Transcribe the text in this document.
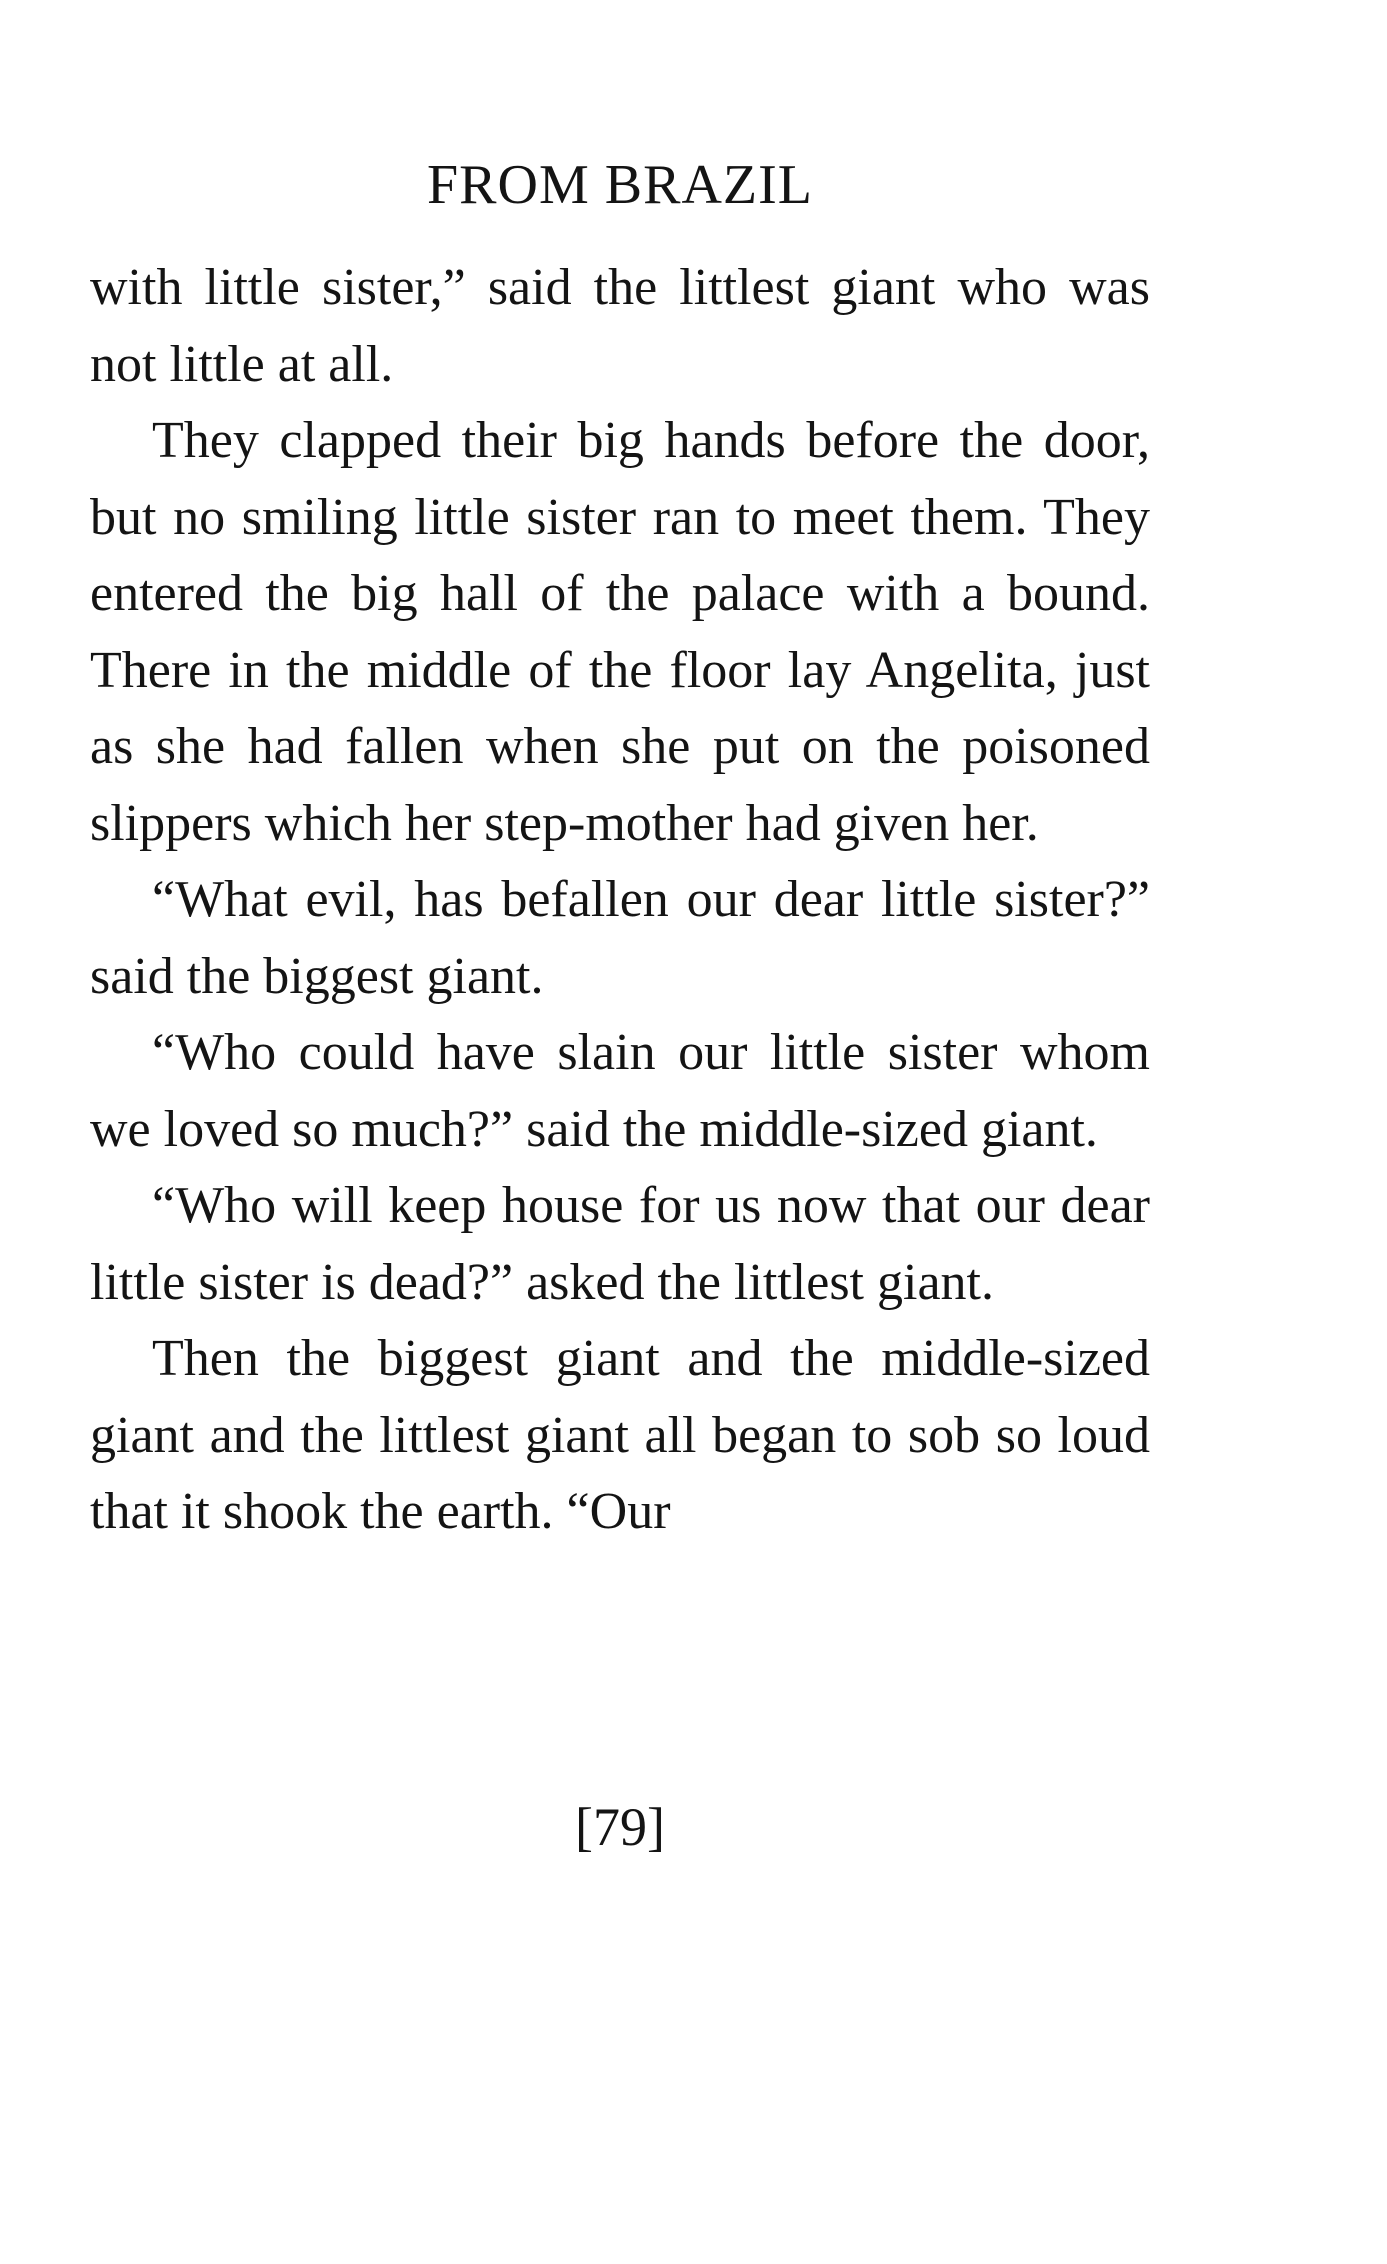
FROM BRAZIL

with little sister,” said the littlest giant who was not little at all.

They clapped their big hands before the door, but no smiling little sister ran to meet them. They entered the big hall of the palace with a bound. There in the middle of the floor lay Angelita, just as she had fallen when she put on the poisoned slippers which her step-mother had given her.

“What evil, has befallen our dear little sister?” said the biggest giant.

“Who could have slain our little sister whom we loved so much?” said the middle-sized giant.

“Who will keep house for us now that our dear little sister is dead?” asked the littlest giant.

Then the biggest giant and the middle-sized giant and the littlest giant all began to sob so loud that it shook the earth. “Our

[79]
